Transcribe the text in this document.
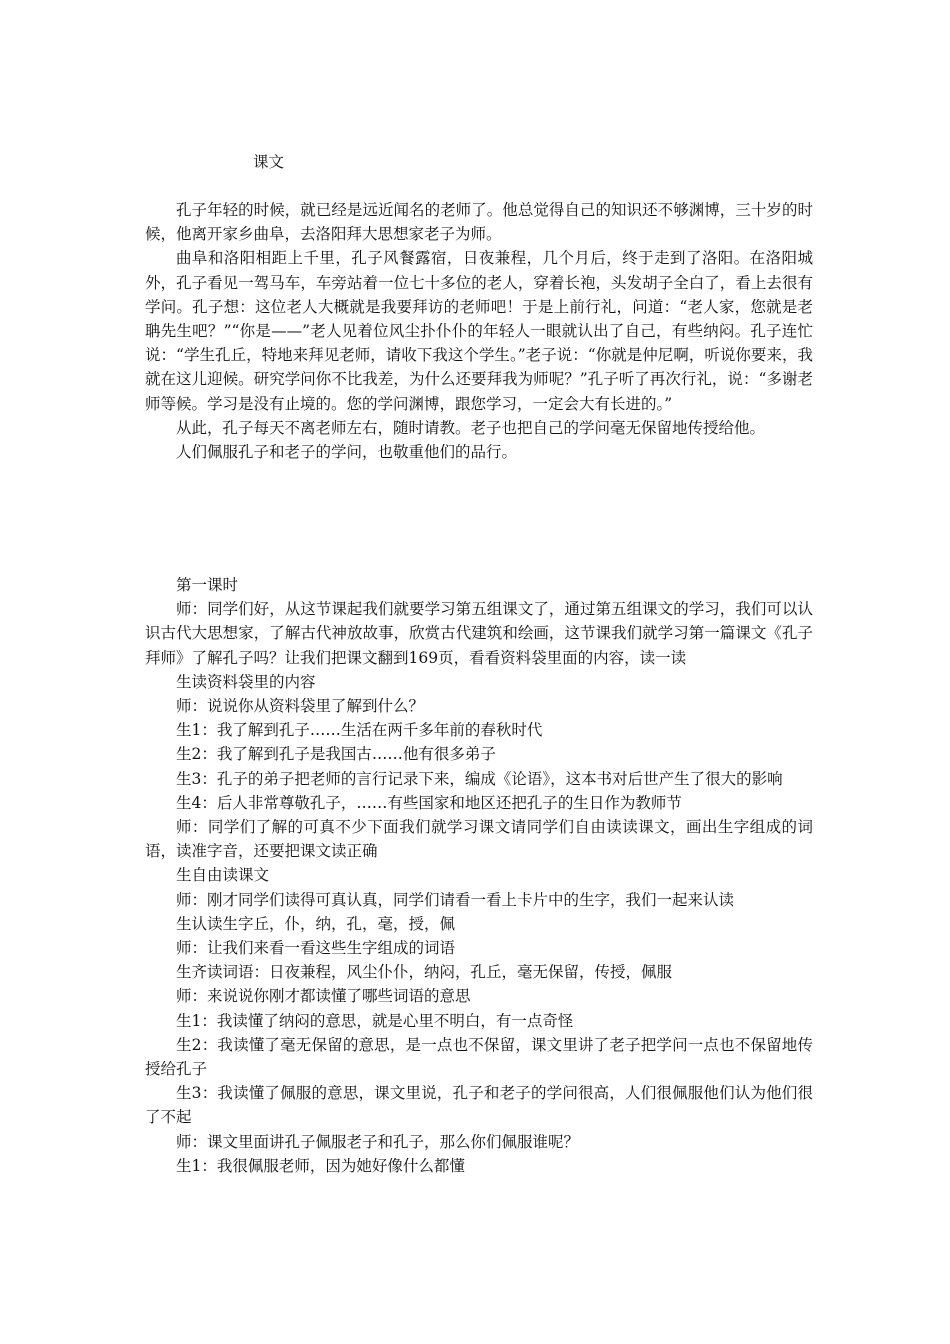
课文

孔子年轻的时候，就已经是远近闻名的老师了。他总觉得自己的知识还不够渊博，三十岁的时候，他离开家乡曲阜，去洛阳拜大思想家老子为师。

曲阜和洛阳相距上千里，孔子风餐露宿，日夜兼程，几个月后，终于走到了洛阳。在洛阳城外，孔子看见一驾马车，车旁站着一位七十多位的老人，穿着长袍，头发胡子全白了，看上去很有学问。孔子想：这位老人大概就是我要拜访的老师吧！于是上前行礼，问道：“老人家，您就是老聃先生吧？”“你是——”老人见着位风尘扑仆仆的年轻人一眼就认出了自己，有些纳闷。孔子连忙说：“学生孔丘，特地来拜见老师，请收下我这个学生。”老子说：“你就是仲尼啊，听说你要来，我就在这儿迎候。研究学问你不比我差，为什么还要拜我为师呢？”孔子听了再次行礼，说：“多谢老师等候。学习是没有止境的。您的学问渊博，跟您学习，一定会大有长进的。”

从此，孔子每天不离老师左右，随时请教。老子也把自己的学问毫无保留地传授给他。

人们佩服孔子和老子的学问，也敬重他们的品行。

第一课时

师：同学们好，从这节课起我们就要学习第五组课文了，通过第五组课文的学习，我们可以认识古代大思想家，了解古代神放故事，欣赏古代建筑和绘画，这节课我们就学习第一篇课文《孔子拜师》了解孔子吗？让我们把课文翻到169页，看看资料袋里面的内容，读一读

生读资料袋里的内容

师：说说你从资料袋里了解到什么？

生1：我了解到孔子……生活在两千多年前的春秋时代

生2：我了解到孔子是我国古……他有很多弟子

生3：孔子的弟子把老师的言行记录下来，编成《论语》，这本书对后世产生了很大的影响

生4：后人非常尊敬孔子，……有些国家和地区还把孔子的生日作为教师节

师：同学们了解的可真不少下面我们就学习课文请同学们自由读读课文，画出生字组成的词语，读准字音，还要把课文读正确

生自由读课文

师：刚才同学们读得可真认真，同学们请看一看上卡片中的生字，我们一起来认读

生认读生字丘，仆，纳，孔，毫，授，佩

师：让我们来看一看这些生字组成的词语

生齐读词语：日夜兼程，风尘仆仆，纳闷，孔丘，毫无保留，传授，佩服

师：来说说你刚才都读懂了哪些词语的意思

生1：我读懂了纳闷的意思，就是心里不明白，有一点奇怪

生2：我读懂了毫无保留的意思，是一点也不保留，课文里讲了老子把学问一点也不保留地传授给孔子

生3：我读懂了佩服的意思，课文里说，孔子和老子的学问很高，人们很佩服他们认为他们很了不起

师：课文里面讲孔子佩服老子和孔子，那么你们佩服谁呢？

生1：我很佩服老师，因为她好像什么都懂
